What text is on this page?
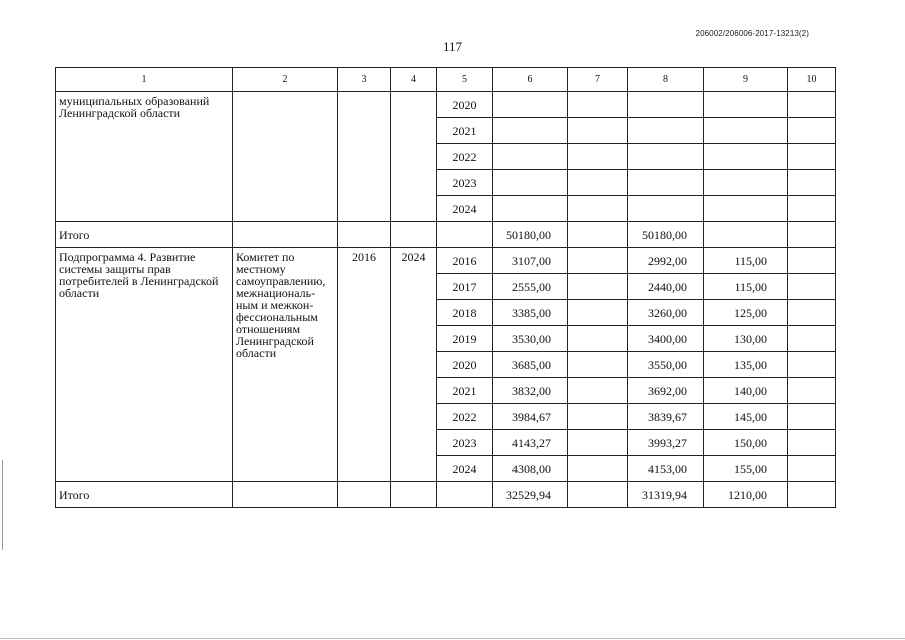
206002/206006-2017-13213(2)
117
1	2	3	4	5	6	7	8	9	10
муниципальных образований Ленинградской области				2020					
				2021					
				2022					
				2023					
				2024					
Итого					50180,00		50180,00		
Подпрограмма 4. Развитие системы защиты прав потребителей в Ленинградской области	Комитет по местному самоуправлению, межнациональ-ным и межкон-фессиональным отношениям Ленинградской области	2016	2024	2016	3107,00		2992,00	115,00	
				2017	2555,00		2440,00	115,00	
				2018	3385,00		3260,00	125,00	
				2019	3530,00		3400,00	130,00	
				2020	3685,00		3550,00	135,00	
				2021	3832,00		3692,00	140,00	
				2022	3984,67		3839,67	145,00	
				2023	4143,27		3993,27	150,00	
				2024	4308,00		4153,00	155,00	
Итого					32529,94		31319,94	1210,00	
